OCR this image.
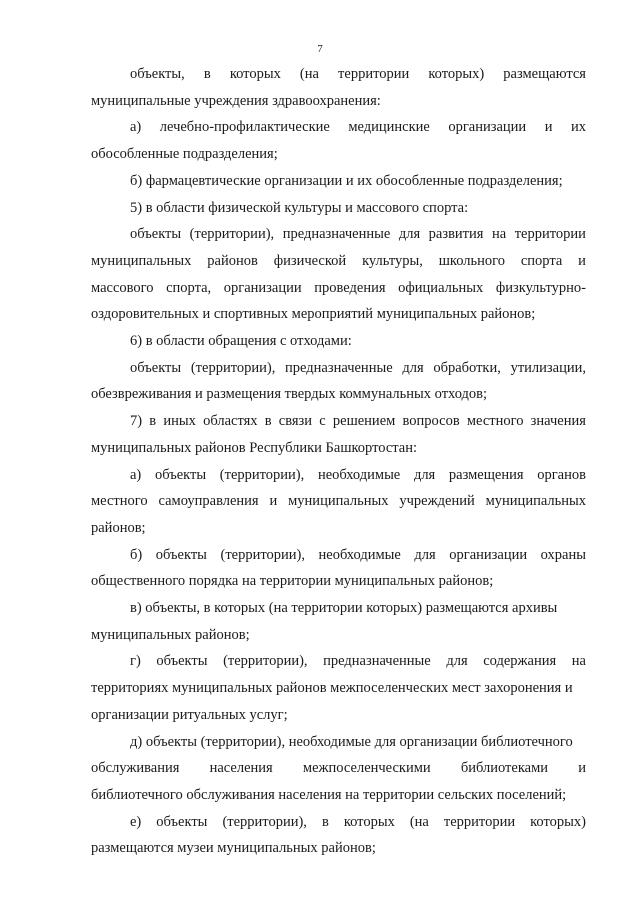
7

объекты, в которых (на территории которых) размещаются

муниципальные учреждения здравоохранения:

а) лечебно-профилактические медицинские организации и их

обособленные подразделения;

б) фармацевтические организации и их обособленные подразделения;

5) в области физической культуры и массового спорта:

объекты (территории), предназначенные для развития на территории

муниципальных районов физической культуры, школьного спорта и

массового спорта, организации проведения официальных физкультурно-

оздоровительных и спортивных мероприятий муниципальных районов;

6) в области обращения с отходами:

объекты (территории), предназначенные для обработки, утилизации,

обезвреживания и размещения твердых коммунальных отходов;

7) в иных областях в связи с решением вопросов местного значения

муниципальных районов Республики Башкортостан:

а) объекты (территории), необходимые для размещения органов

местного самоуправления и муниципальных учреждений муниципальных

районов;

б) объекты (территории), необходимые для организации охраны

общественного порядка на территории муниципальных районов;

в) объекты, в которых (на территории которых) размещаются архивы

муниципальных районов;

г) объекты (территории), предназначенные для содержания на

территориях муниципальных районов межпоселенческих мест захоронения и

организации ритуальных услуг;

д) объекты (территории), необходимые для организации библиотечного

обслуживания населения межпоселенческими библиотеками и

библиотечного обслуживания населения на территории сельских поселений;

е) объекты (территории), в которых (на территории которых)

размещаются музеи муниципальных районов;
